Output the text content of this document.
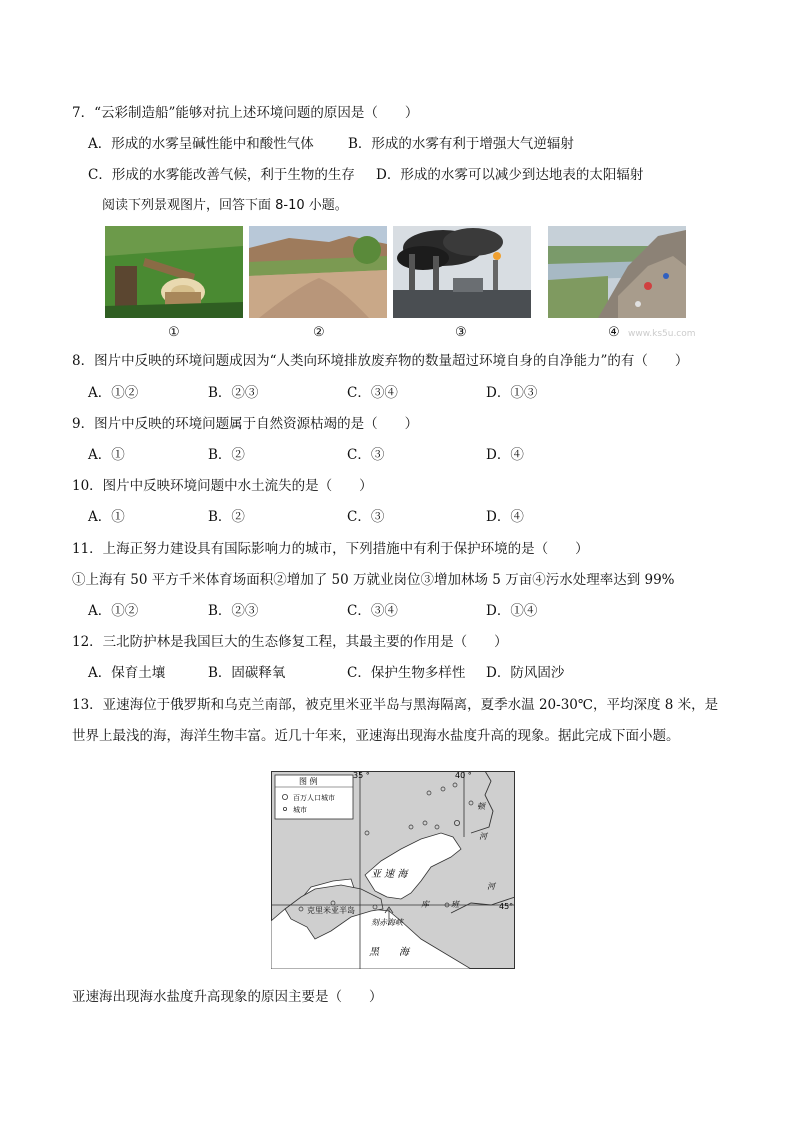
7．“云彩制造船”能够对抗上述环境问题的原因是（　　）
A．形成的水雾呈碱性能中和酸性气体	B．形成的水雾有利于增强大气逆辐射
C．形成的水雾能改善气候，利于生物的生存 D．形成的水雾可以减少到达地表的太阳辐射
阅读下列景观图片，回答下面 8-10 小题。
①	②	③	④ www.ks5u.com
8．图片中反映的环境问题成因为“人类向环境排放废弃物的数量超过环境自身的自净能力”的有（　　）
A．①②	B．②③	C．③④	D．①③
9．图片中反映的环境问题属于自然资源枯竭的是（　　）
A．①	B．②	C．③	D．④
10．图片中反映环境问题中水土流失的是（　　）
A．①	B．②	C．③	D．④
11．上海正努力建设具有国际影响力的城市，下列措施中有利于保护环境的是（　　）
①上海有 50 平方千米体育场面积②增加了 50 万就业岗位③增加林场 5 万亩④污水处理率达到 99%
A．①②	B．②③	C．③④	D．①④
12．三北防护林是我国巨大的生态修复工程，其最主要的作用是（　　）
A．保育土壤	B．固碳释氧	C．保护生物多样性 D．防风固沙
13．亚速海位于俄罗斯和乌克兰南部，被克里米亚半岛与黑海隔离，夏季水温 20-30℃，平均深度 8 米，是
世界上最浅的海，海洋生物丰富。近几十年来，亚速海出现海水盐度升高的现象。据此完成下面小题。
图 例
百万人口城市
城市
35 °	40 °
45°
亚 速 海
克里米亚半岛
刻赤海峡
黑　　海
顿
河
库	班
河
亚速海出现海水盐度升高现象的原因主要是（　　）
